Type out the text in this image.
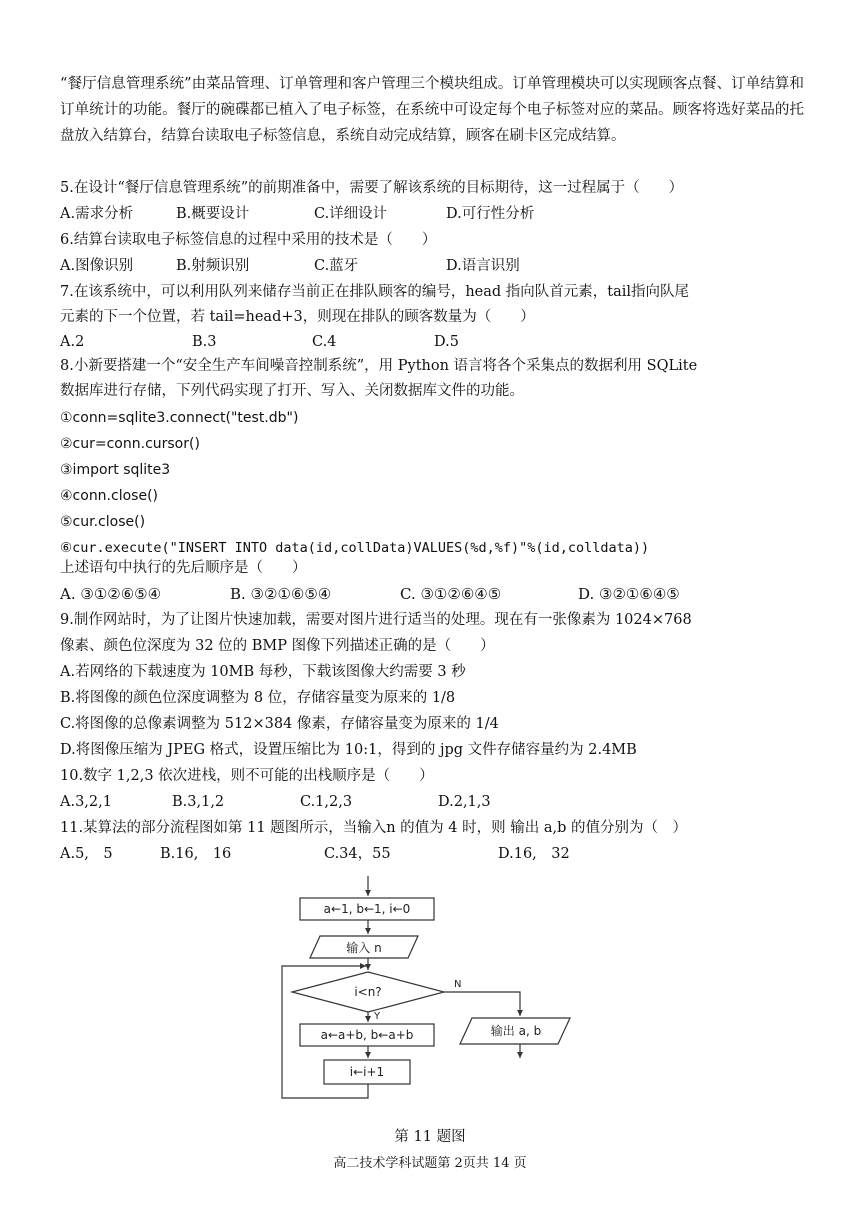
“餐厅信息管理系统”由菜品管理、订单管理和客户管理三个模块组成。订单管理模块可以实现顾客点餐、订单结算和订单统计的功能。餐厅的碗碟都已植入了电子标签，在系统中可设定每个电子标签对应的菜品。顾客将选好菜品的托盘放入结算台，结算台读取电子标签信息，系统自动完成结算，顾客在刷卡区完成结算。
5.在设计“餐厅信息管理系统”的前期准备中，需要了解该系统的目标期待，这一过程属于（　　）
A.需求分析	B.概要设计	C.详细设计	D.可行性分析
6.结算台读取电子标签信息的过程中采用的技术是（　　）
A.图像识别	B.射频识别	C.蓝牙	D.语言识别
7.在该系统中，可以利用队列来储存当前正在排队顾客的编号，head 指向队首元素，tail指向队尾
元素的下一个位置，若 tail=head+3，则现在排队的顾客数量为（　　）
A.2	B.3	C.4	D.5
8.小新要搭建一个“安全生产车间噪音控制系统”，用 Python 语言将各个采集点的数据利用 SQLite
数据库进行存储，下列代码实现了打开、写入、关闭数据库文件的功能。
①conn=sqlite3.connect("test.db")
②cur=conn.cursor()
③import sqlite3
④conn.close()
⑤cur.close()
⑥cur.execute("INSERT INTO data(id,collData)VALUES(%d,%f)"%(id,colldata))
上述语句中执行的先后顺序是（　　）
A. ③①②⑥⑤④	B. ③②①⑥⑤④	C. ③①②⑥④⑤	D. ③②①⑥④⑤
9.制作网站时，为了让图片快速加载，需要对图片进行适当的处理。现在有一张像素为 1024×768
像素、颜色位深度为 32 位的 BMP 图像下列描述正确的是（　　）
A.若网络的下载速度为 10MB 每秒，下载该图像大约需要 3 秒
B.将图像的颜色位深度调整为 8 位，存储容量变为原来的 1/8
C.将图像的总像素调整为 512×384 像素，存储容量变为原来的 1/4
D.将图像压缩为 JPEG 格式，设置压缩比为 10:1，得到的 jpg 文件存储容量约为 2.4MB
10.数字 1,2,3 依次进栈，则不可能的出栈顺序是（　　）
A.3,2,1	B.3,1,2	C.1,2,3	D.2,1,3
11.某算法的部分流程图如第 11 题图所示，当输入n 的值为 4 时，则 输出 a,b 的值分别为（　）
A.5,　5	B.16,　16	C.34，55	D.16,　32
a←1, b←1, i←0
输入 n
i<n?
Y
a←a+b, b←a+b
i←i+1
N
输出 a, b
第 11 题图
高二技术学科试题第 2页共 14 页
